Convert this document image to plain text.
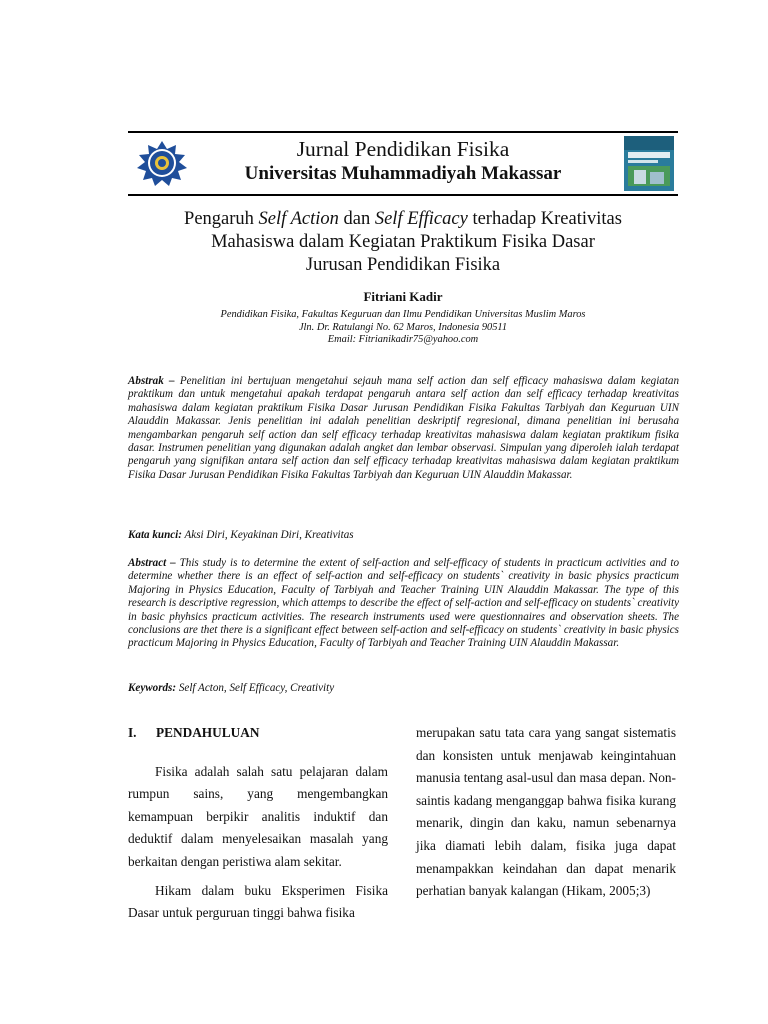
Jurnal Pendidikan Fisika
Universitas Muhammadiyah Makassar
Pengaruh Self Action dan Self Efficacy terhadap Kreativitas
Mahasiswa dalam Kegiatan Praktikum Fisika Dasar
Jurusan Pendidikan Fisika
Fitriani Kadir
Pendidikan Fisika, Fakultas Keguruan dan Ilmu Pendidikan Universitas Muslim Maros
Jln. Dr. Ratulangi No. 62 Maros, Indonesia 90511
Email: Fitrianikadir75@yahoo.com
Abstrak – Penelitian ini bertujuan mengetahui sejauh mana self action dan self efficacy mahasiswa dalam kegiatan praktikum dan untuk mengetahui apakah terdapat pengaruh antara self action dan self efficacy terhadap kreativitas mahasiswa dalam kegiatan praktikum Fisika Dasar Jurusan Pendidikan Fisika Fakultas Tarbiyah dan Keguruan UIN Alauddin Makassar. Jenis penelitian ini adalah penelitian deskriptif regresional, dimana penelitian ini berusaha mengambarkan pengaruh self action dan self efficacy terhadap kreativitas mahasiswa dalam kegiatan praktikum fisika dasar. Instrumen penelitian yang digunakan adalah angket dan lembar observasi. Simpulan yang diperoleh ialah terdapat pengaruh yang signifikan antara self action dan self efficacy terhadap kreativitas mahasiswa dalam kegiatan praktikum Fisika Dasar Jurusan Pendidikan Fisika Fakultas Tarbiyah dan Keguruan UIN Alauddin Makassar.
Kata kunci: Aksi Diri, Keyakinan Diri, Kreativitas
Abstract – This study is to determine the extent of self-action and self-efficacy of students in practicum activities and to determine whether there is an effect of self-action and self-efficacy on students` creativity in basic physics practicum Majoring in Physics Education, Faculty of Tarbiyah and Teacher Training UIN Alauddin Makassar. The type of this research is descriptive regression, which attemps to describe the effect of self-action and self-efficacy on students` creativity in basic phyhsics practicum activities. The research instruments used were questionnaires and observation sheets. The conclusions are thet there is a significant effect between self-action and self-efficacy on students` creativity in basic physics practicum Majoring in Physics Education, Faculty of Tarbiyah and Teacher Training UIN Alauddin Makassar.
Keywords: Self Acton, Self Efficacy, Creativity
I.	PENDAHULUAN

Fisika adalah salah satu pelajaran dalam rumpun sains, yang mengembangkan kemampuan berpikir analitis induktif dan deduktif dalam menyelesaikan masalah yang berkaitan dengan peristiwa alam sekitar.

Hikam dalam buku Eksperimen Fisika Dasar untuk perguruan tinggi bahwa fisika

merupakan satu tata cara yang sangat sistematis dan konsisten untuk menjawab keingintahuan manusia tentang asal-usul dan masa depan. Non-saintis kadang menganggap bahwa fisika kurang menarik, dingin dan kaku, namun sebenarnya jika diamati lebih dalam, fisika juga dapat menampakkan keindahan dan dapat menarik perhatian banyak kalangan (Hikam, 2005;3)
